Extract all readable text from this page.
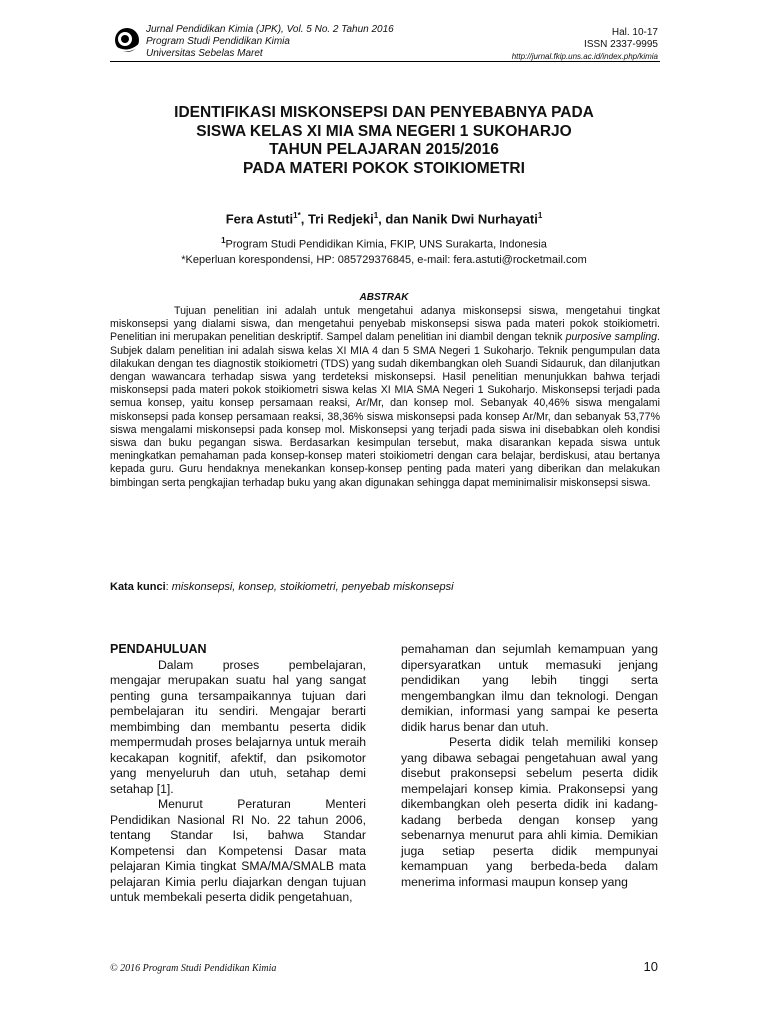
Jurnal Pendidikan Kimia (JPK), Vol. 5 No. 2 Tahun 2016
Program Studi Pendidikan Kimia
Universitas Sebelas Maret
Hal. 10-17
ISSN 2337-9995
http://jurnal.fkip.uns.ac.id/index.php/kimia
IDENTIFIKASI MISKONSEPSI DAN PENYEBABNYA PADA
SISWA KELAS XI MIA SMA NEGERI 1 SUKOHARJO
TAHUN PELAJARAN 2015/2016
PADA MATERI POKOK STOIKIOMETRI
Fera Astuti$^{1*}$, Tri Redjeki$^1$, dan Nanik Dwi Nurhayati$^1$
$^1$Program Studi Pendidikan Kimia, FKIP, UNS Surakarta, Indonesia
*Keperluan korespondensi, HP: 085729376845, e-mail: fera.astuti@rocketmail.com
ABSTRAK
Tujuan penelitian ini adalah untuk mengetahui adanya miskonsepsi siswa, mengetahui tingkat miskonsepsi yang dialami siswa, dan mengetahui penyebab miskonsepsi siswa pada materi pokok stoikiometri. Penelitian ini merupakan penelitian deskriptif. Sampel dalam penelitian ini diambil dengan teknik purposive sampling. Subjek dalam penelitian ini adalah siswa kelas XI MIA 4 dan 5 SMA Negeri 1 Sukoharjo. Teknik pengumpulan data dilakukan dengan tes diagnostik stoikiometri (TDS) yang sudah dikembangkan oleh Suandi Sidauruk, dan dilanjutkan dengan wawancara terhadap siswa yang terdeteksi miskonsepsi. Hasil penelitian menunjukkan bahwa terjadi miskonsepsi pada materi pokok stoikiometri siswa kelas XI MIA SMA Negeri 1 Sukoharjo. Miskonsepsi terjadi pada semua konsep, yaitu konsep persamaan reaksi, Ar/Mr, dan konsep mol. Sebanyak 40,46% siswa mengalami miskonsepsi pada konsep persamaan reaksi, 38,36% siswa miskonsepsi pada konsep Ar/Mr, dan sebanyak 53,77% siswa mengalami miskonsepsi pada konsep mol. Miskonsepsi yang terjadi pada siswa ini disebabkan oleh kondisi siswa dan buku pegangan siswa. Berdasarkan kesimpulan tersebut, maka disarankan kepada siswa untuk meningkatkan pemahaman pada konsep-konsep materi stoikiometri dengan cara belajar, berdiskusi, atau bertanya kepada guru. Guru hendaknya menekankan konsep-konsep penting pada materi yang diberikan dan melakukan bimbingan serta pengkajian terhadap buku yang akan digunakan sehingga dapat meminimalisir miskonsepsi siswa.
Kata kunci: miskonsepsi, konsep, stoikiometri, penyebab miskonsepsi

PENDAHULUAN

Dalam proses pembelajaran, mengajar merupakan suatu hal yang sangat penting guna tersampaikannya tujuan dari pembelajaran itu sendiri. Mengajar berarti membimbing dan membantu peserta didik mempermudah proses belajarnya untuk meraih kecakapan kognitif, afektif, dan psikomotor yang menyeluruh dan utuh, setahap demi setahap [1].

Menurut Peraturan Menteri Pendidikan Nasional RI No. 22 tahun 2006, tentang Standar Isi, bahwa Standar Kompetensi dan Kompetensi Dasar mata pelajaran Kimia tingkat SMA/MA/SMALB mata pelajaran Kimia perlu diajarkan dengan tujuan untuk membekali peserta didik pengetahuan,

pemahaman dan sejumlah kemampuan yang dipersyaratkan untuk memasuki jenjang pendidikan yang lebih tinggi serta mengembangkan ilmu dan teknologi. Dengan demikian, informasi yang sampai ke peserta didik harus benar dan utuh.

Peserta didik telah memiliki konsep yang dibawa sebagai pengetahuan awal yang disebut prakonsepsi sebelum peserta didik mempelajari konsep kimia. Prakonsepsi yang dikembangkan oleh peserta didik ini kadang-kadang berbeda dengan konsep yang sebenarnya menurut para ahli kimia. Demikian juga setiap peserta didik mempunyai kemampuan yang berbeda-beda dalam menerima informasi maupun konsep yang

© 2016 Program Studi Pendidikan Kimia	10
